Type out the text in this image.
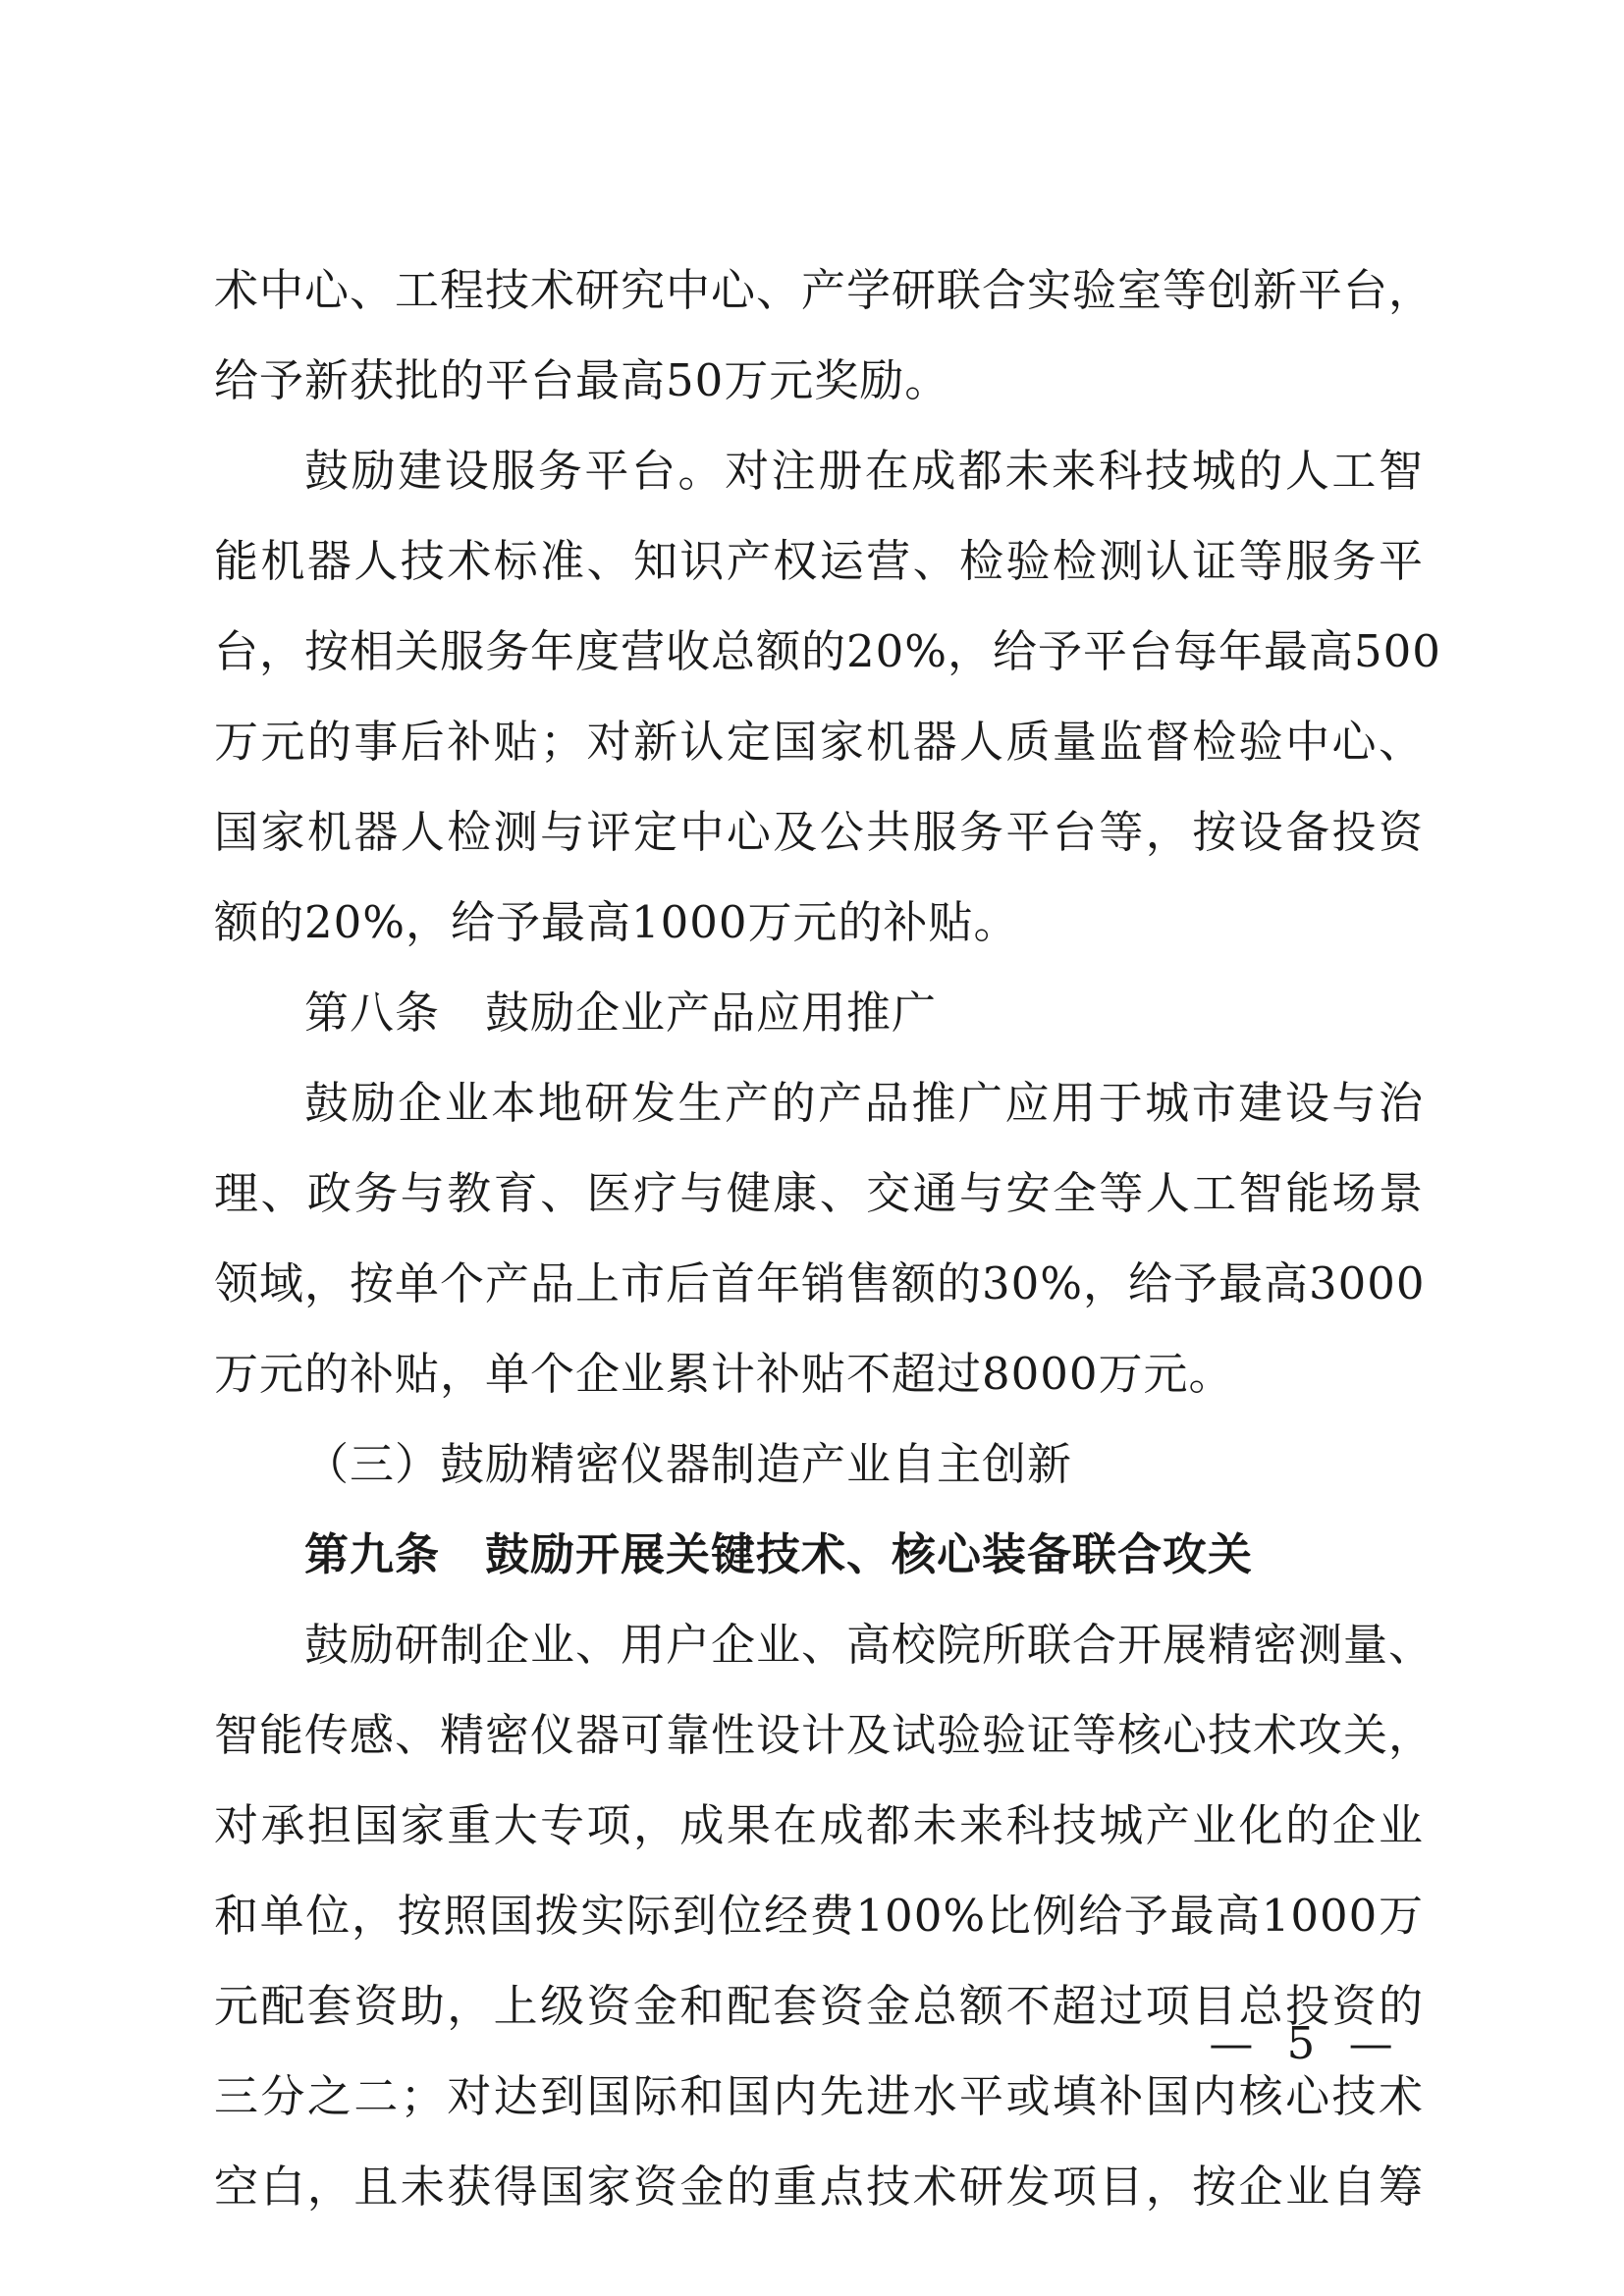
术中心、工程技术研究中心、产学研联合实验室等创新平台，
给予新获批的平台最高50万元奖励。
鼓励建设服务平台。对注册在成都未来科技城的人工智
能机器人技术标准、知识产权运营、检验检测认证等服务平
台，按相关服务年度营收总额的20%，给予平台每年最高500
万元的事后补贴；对新认定国家机器人质量监督检验中心、
国家机器人检测与评定中心及公共服务平台等，按设备投资
额的20%，给予最高1000万元的补贴。
第八条　鼓励企业产品应用推广
鼓励企业本地研发生产的产品推广应用于城市建设与治
理、政务与教育、医疗与健康、交通与安全等人工智能场景
领域，按单个产品上市后首年销售额的30%，给予最高3000
万元的补贴，单个企业累计补贴不超过8000万元。
（三）鼓励精密仪器制造产业自主创新
第九条　鼓励开展关键技术、核心装备联合攻关
鼓励研制企业、用户企业、高校院所联合开展精密测量、
智能传感、精密仪器可靠性设计及试验验证等核心技术攻关，
对承担国家重大专项，成果在成都未来科技城产业化的企业
和单位，按照国拨实际到位经费100%比例给予最高1000万
元配套资助，上级资金和配套资金总额不超过项目总投资的
三分之二；对达到国际和国内先进水平或填补国内核心技术
空白，且未获得国家资金的重点技术研发项目，按企业自筹
— 5 —
